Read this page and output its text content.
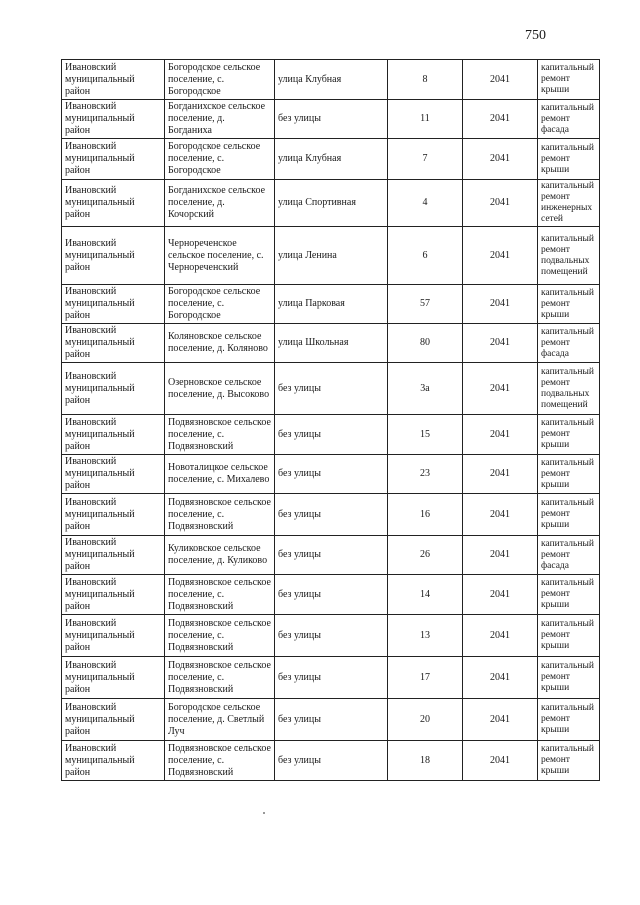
750
Ивановский муниципальный район	Богородское сельское поселение, с. Богородское	улица Клубная	8	2041	капитальный ремонт крыши
Ивановский муниципальный район	Богданихское сельское поселение, д. Богданиха	без улицы	11	2041	капитальный ремонт фасада
Ивановский муниципальный район	Богородское сельское поселение, с. Богородское	улица Клубная	7	2041	капитальный ремонт крыши
Ивановский муниципальный район	Богданихское сельское поселение, д. Кочорский	улица Спортивная	4	2041	капитальный ремонт инженерных сетей
Ивановский муниципальный район	Чернореченское сельское поселение, с. Чернореченский	улица Ленина	6	2041	капитальный ремонт подвальных помещений
Ивановский муниципальный район	Богородское сельское поселение, с. Богородское	улица Парковая	57	2041	капитальный ремонт крыши
Ивановский муниципальный район	Коляновское сельское поселение, д. Коляново	улица Школьная	80	2041	капитальный ремонт фасада
Ивановский муниципальный район	Озерновское сельское поселение, д. Высоково	без улицы	3а	2041	капитальный ремонт подвальных помещений
Ивановский муниципальный район	Подвязновское сельское поселение, с. Подвязновский	без улицы	15	2041	капитальный ремонт крыши
Ивановский муниципальный район	Новоталицкое сельское поселение, с. Михалево	без улицы	23	2041	капитальный ремонт крыши
Ивановский муниципальный район	Подвязновское сельское поселение, с. Подвязновский	без улицы	16	2041	капитальный ремонт крыши
Ивановский муниципальный район	Куликовское сельское поселение, д. Куликово	без улицы	26	2041	капитальный ремонт фасада
Ивановский муниципальный район	Подвязновское сельское поселение, с. Подвязновский	без улицы	14	2041	капитальный ремонт крыши
Ивановский муниципальный район	Подвязновское сельское поселение, с. Подвязновский	без улицы	13	2041	капитальный ремонт крыши
Ивановский муниципальный район	Подвязновское сельское поселение, с. Подвязновский	без улицы	17	2041	капитальный ремонт крыши
Ивановский муниципальный район	Богородское сельское поселение, д. Светлый Луч	без улицы	20	2041	капитальный ремонт крыши
Ивановский муниципальный район	Подвязновское сельское поселение, с. Подвязновский	без улицы	18	2041	капитальный ремонт крыши
